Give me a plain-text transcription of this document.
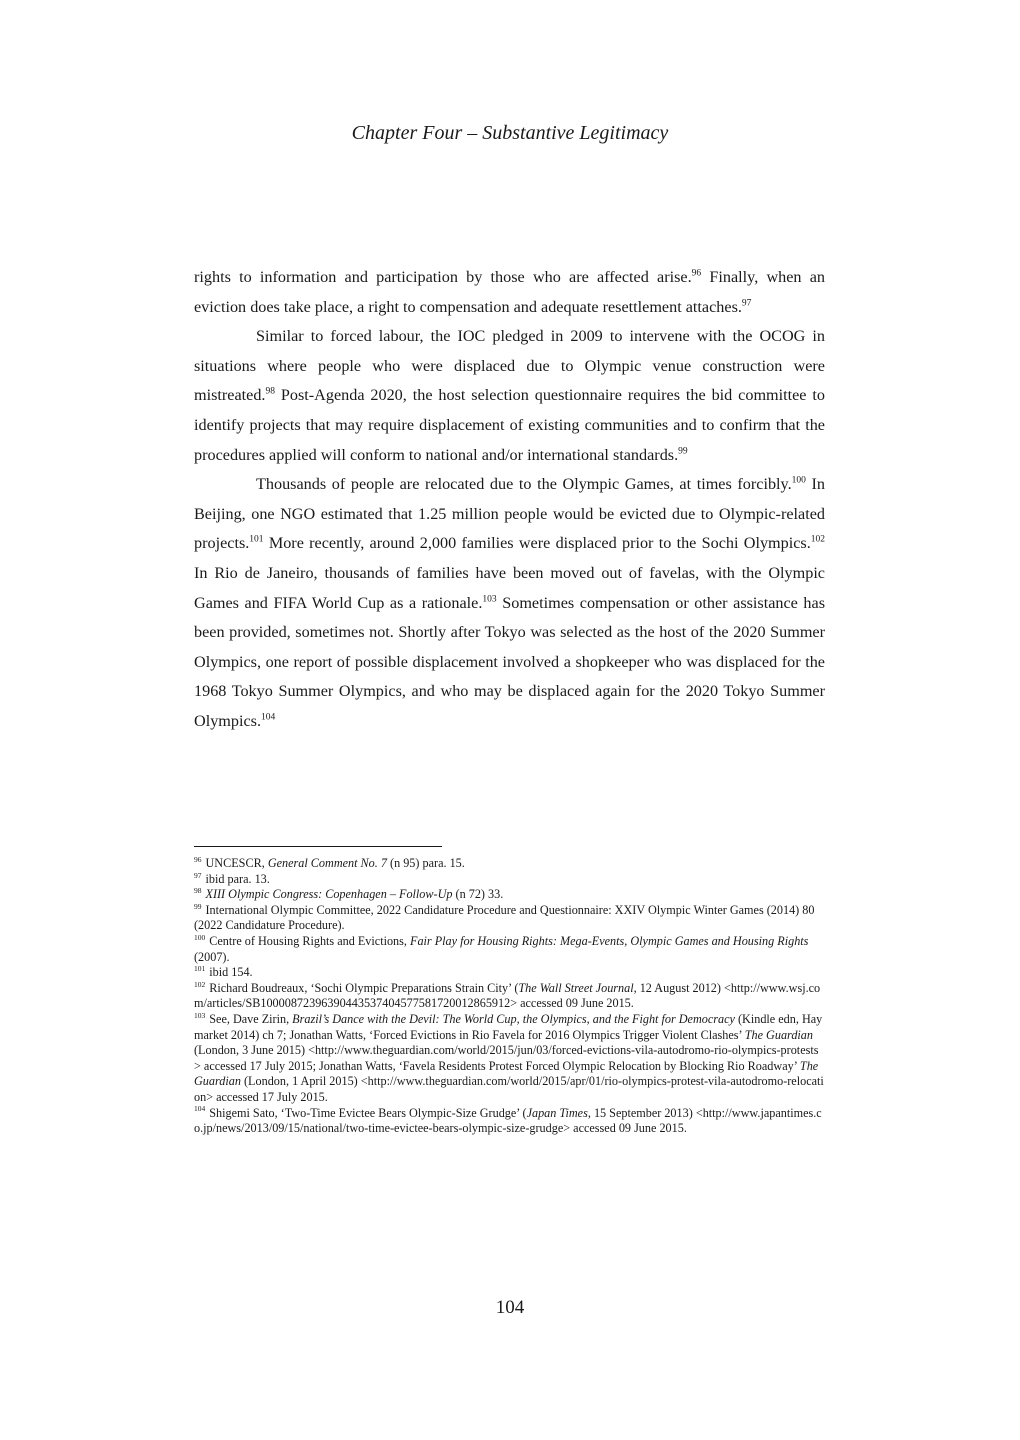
Chapter Four – Substantive Legitimacy

rights to information and participation by those who are affected arise.$^{96}$ Finally, when an eviction does take place, a right to compensation and adequate resettlement attaches.$^{97}$

Similar to forced labour, the IOC pledged in 2009 to intervene with the OCOG in situations where people who were displaced due to Olympic venue construction were mistreated.$^{98}$ Post-Agenda 2020, the host selection questionnaire requires the bid committee to identify projects that may require displacement of existing communities and to confirm that the procedures applied will conform to national and/or international standards.$^{99}$

Thousands of people are relocated due to the Olympic Games, at times forcibly.$^{100}$ In Beijing, one NGO estimated that 1.25 million people would be evicted due to Olympic-related projects.$^{101}$ More recently, around 2,000 families were displaced prior to the Sochi Olympics.$^{102}$ In Rio de Janeiro, thousands of families have been moved out of favelas, with the Olympic Games and FIFA World Cup as a rationale.$^{103}$ Sometimes compensation or other assistance has been provided, sometimes not. Shortly after Tokyo was selected as the host of the 2020 Summer Olympics, one report of possible displacement involved a shopkeeper who was displaced for the 1968 Tokyo Summer Olympics, and who may be displaced again for the 2020 Tokyo Summer Olympics.$^{104}$

$^{96}$ UNCESCR, General Comment No. 7 (n 95) para. 15.
$^{97}$ ibid para. 13.
$^{98}$ XIII Olympic Congress: Copenhagen – Follow-Up (n 72) 33.
$^{99}$ International Olympic Committee, 2022 Candidature Procedure and Questionnaire: XXIV Olympic Winter Games (2014) 80 (2022 Candidature Procedure).
$^{100}$ Centre of Housing Rights and Evictions, Fair Play for Housing Rights: Mega-Events, Olympic Games and Housing Rights (2007).
$^{101}$ ibid 154.
$^{102}$ Richard Boudreaux, ‘Sochi Olympic Preparations Strain City’ (The Wall Street Journal, 12 August 2012) <http://www.wsj.com/articles/SB10000872396390443537404577581720012865912> accessed 09 June 2015.
$^{103}$ See, Dave Zirin, Brazil’s Dance with the Devil: The World Cup, the Olympics, and the Fight for Democracy (Kindle edn, Haymarket 2014) ch 7; Jonathan Watts, ‘Forced Evictions in Rio Favela for 2016 Olympics Trigger Violent Clashes’ The Guardian (London, 3 June 2015) <http://www.theguardian.com/world/2015/jun/03/forced-evictions-vila-autodromo-rio-olympics-protests> accessed 17 July 2015; Jonathan Watts, ‘Favela Residents Protest Forced Olympic Relocation by Blocking Rio Roadway’ The Guardian (London, 1 April 2015) <http://www.theguardian.com/world/2015/apr/01/rio-olympics-protest-vila-autodromo-relocation> accessed 17 July 2015.
$^{104}$ Shigemi Sato, ‘Two-Time Evictee Bears Olympic-Size Grudge’ (Japan Times, 15 September 2013) <http://www.japantimes.co.jp/news/2013/09/15/national/two-time-evictee-bears-olympic-size-grudge> accessed 09 June 2015.
104
